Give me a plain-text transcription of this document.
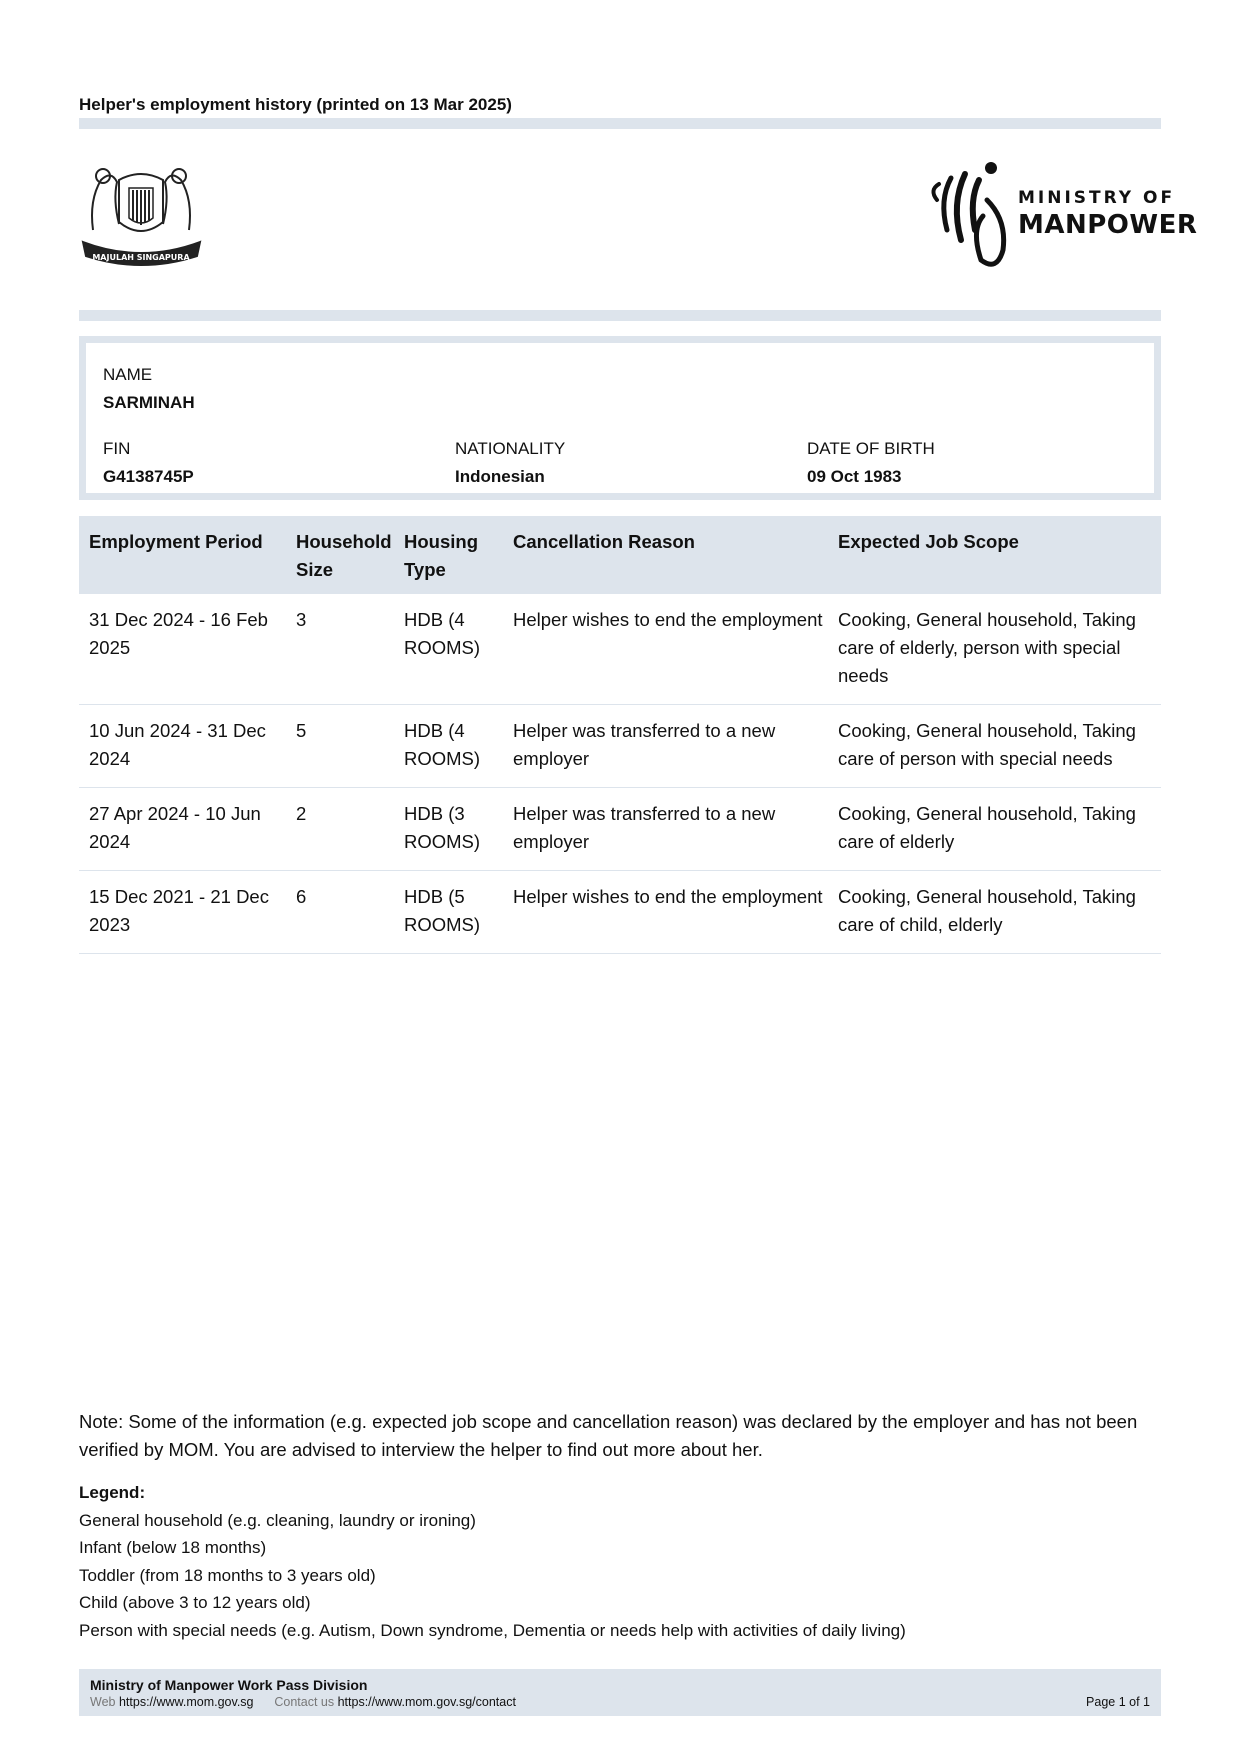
Helper's employment history (printed on 13 Mar 2025)
MAJULAH SINGAPURA
MINISTRY OF
MANPOWER
NAME
SARMINAH
FIN
G4138745P
NATIONALITY
Indonesian
DATE OF BIRTH
09 Oct 1983
Employment Period	Household Size	Housing Type	Cancellation Reason	Expected Job Scope
31 Dec 2024 - 16 Feb 2025	3	HDB (4 ROOMS)	Helper wishes to end the employment	Cooking, General household, Taking care of elderly, person with special needs
10 Jun 2024 - 31 Dec 2024	5	HDB (4 ROOMS)	Helper was transferred to a new employer	Cooking, General household, Taking care of person with special needs
27 Apr 2024 - 10 Jun 2024	2	HDB (3 ROOMS)	Helper was transferred to a new employer	Cooking, General household, Taking care of elderly
15 Dec 2021 - 21 Dec 2023	6	HDB (5 ROOMS)	Helper wishes to end the employment	Cooking, General household, Taking care of child, elderly
Note: Some of the information (e.g. expected job scope and cancellation reason) was declared by the employer and has not been verified by MOM. You are advised to interview the helper to find out more about her.
Legend:
General household (e.g. cleaning, laundry or ironing)
Infant (below 18 months)
Toddler (from 18 months to 3 years old)
Child (above 3 to 12 years old)
Person with special needs (e.g. Autism, Down syndrome, Dementia or needs help with activities of daily living)
Ministry of Manpower Work Pass Division
Web https://www.mom.gov.sg Contact us https://www.mom.gov.sg/contact	Page 1 of 1
